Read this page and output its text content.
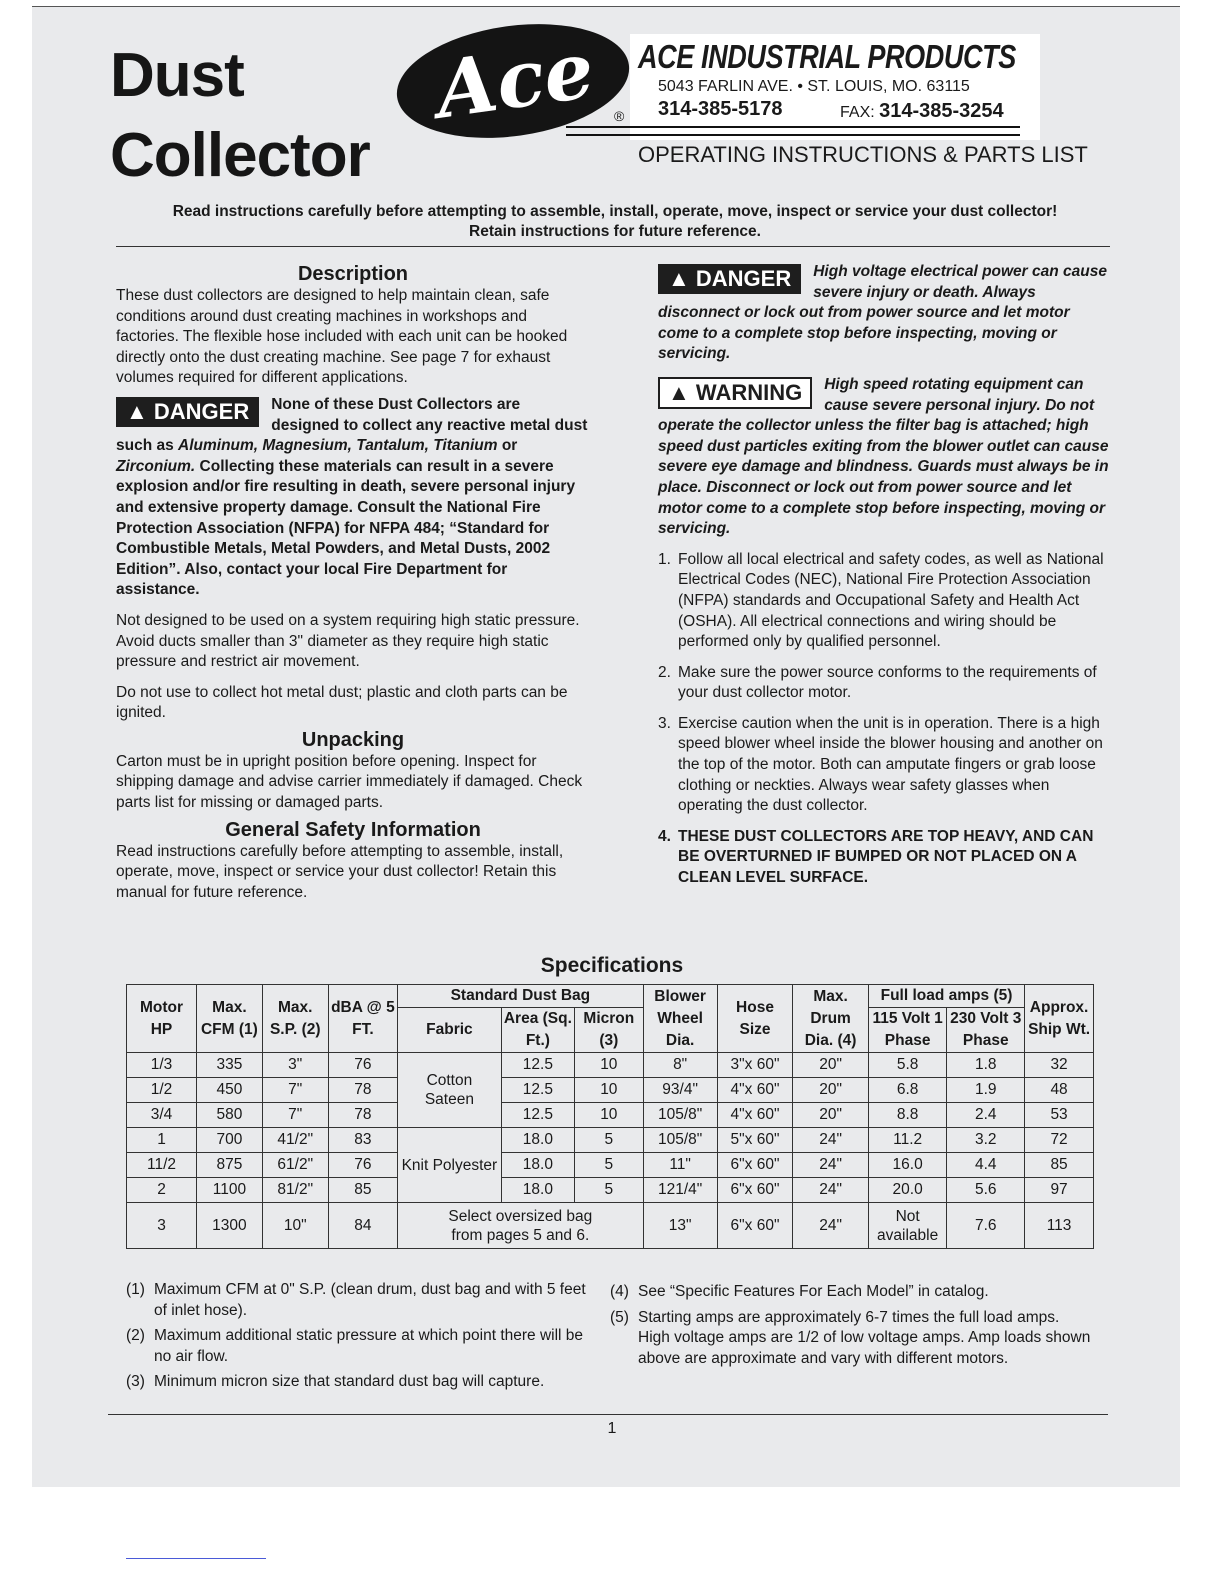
Dust
Collector
Ace	®
ACE INDUSTRIAL PRODUCTS
5043 FARLIN AVE. • ST. LOUIS, MO. 63115
314-385-5178	FAX: 314-385-3254
OPERATING INSTRUCTIONS & PARTS LIST
Read instructions carefully before attempting to assemble, install, operate, move, inspect or service your dust collector!
Retain instructions for future reference.
Description

These dust collectors are designed to help maintain clean, safe conditions around dust creating machines in workshops and factories. The flexible hose included with each unit can be hooked directly onto the dust creating machine. See page 7 for exhaust volumes required for different applications.

▲ DANGER	None of these Dust Collectors are designed to collect any reactive metal dust such as Aluminum, Magnesium, Tantalum, Titanium or Zirconium. Collecting these materials can result in a severe explosion and/or fire resulting in death, severe personal injury and extensive property damage. Consult the National Fire Protection Association (NFPA) for NFPA 484; “Standard for Combustible Metals, Metal Powders, and Metal Dusts, 2002 Edition”. Also, contact your local Fire Department for assistance.

Not designed to be used on a system requiring high static pressure. Avoid ducts smaller than 3" diameter as they require high static pressure and restrict air movement.

Do not use to collect hot metal dust; plastic and cloth parts can be ignited.

Unpacking

Carton must be in upright position before opening. Inspect for shipping damage and advise carrier immediately if damaged. Check parts list for missing or damaged parts.

General Safety Information

Read instructions carefully before attempting to assemble, install, operate, move, inspect or service your dust collector! Retain this manual for future reference.

▲ DANGER	High voltage electrical power can cause severe injury or death. Always disconnect or lock out from power source and let motor come to a complete stop before inspecting, moving or servicing.

▲ WARNING	High speed rotating equipment can cause severe personal injury. Do not operate the collector unless the filter bag is attached; high speed dust particles exiting from the blower outlet can cause severe eye damage and blindness. Guards must always be in place. Disconnect or lock out from power source and let motor come to a complete stop before inspecting, moving or servicing.

1. Follow all local electrical and safety codes, as well as National Electrical Codes (NEC), National Fire Protection Association (NFPA) standards and Occupational Safety and Health Act (OSHA). All electrical connections and wiring should be performed only by qualified personnel.
2. Make sure the power source conforms to the requirements of your dust collector motor.
3. Exercise caution when the unit is in operation. There is a high speed blower wheel inside the blower housing and another on the top of the motor. Both can amputate fingers or grab loose clothing or neckties. Always wear safety glasses when operating the dust collector.
4. THESE DUST COLLECTORS ARE TOP HEAVY, AND CAN BE OVERTURNED IF BUMPED OR NOT PLACED ON A CLEAN LEVEL SURFACE.
Specifications
Motor HP	Max. CFM (1)	Max. S.P. (2)	dBA @ 5 FT.	Standard Dust Bag			Blower Wheel Dia.	Hose Size	Max. Drum Dia. (4)	Full load amps (5)		Approx. Ship Wt.
				Fabric	Area (Sq. Ft.)	Micron (3)				115 Volt 1 Phase	230 Volt 3 Phase	
1/3	335	3"	76	Cotton Sateen	12.5	10	8"	3"x 60"	20"	5.8	1.8	32
1/2	450	7"	78		12.5	10	93/4"	4"x 60"	20"	6.8	1.9	48
3/4	580	7"	78		12.5	10	105/8"	4"x 60"	20"	8.8	2.4	53
1	700	41/2"	83	Knit Polyester	18.0	5	105/8"	5"x 60"	24"	11.2	3.2	72
11/2	875	61/2"	76		18.0	5	11"	6"x 60"	24"	16.0	4.4	85
2	1100	81/2"	85		18.0	5	121/4"	6"x 60"	24"	20.0	5.6	97
3	1300	10"	84	Select oversized bag from pages 5 and 6.			13"	6"x 60"	24"	Not available	7.6	113
(1) Maximum CFM at 0" S.P. (clean drum, dust bag and with 5 feet of inlet hose).
(2) Maximum additional static pressure at which point there will be no air flow.
(3) Minimum micron size that standard dust bag will capture.
(4) See “Specific Features For Each Model” in catalog.
(5) Starting amps are approximately 6-7 times the full load amps. High voltage amps are 1/2 of low voltage amps. Amp loads shown above are approximate and vary with different motors.
1
